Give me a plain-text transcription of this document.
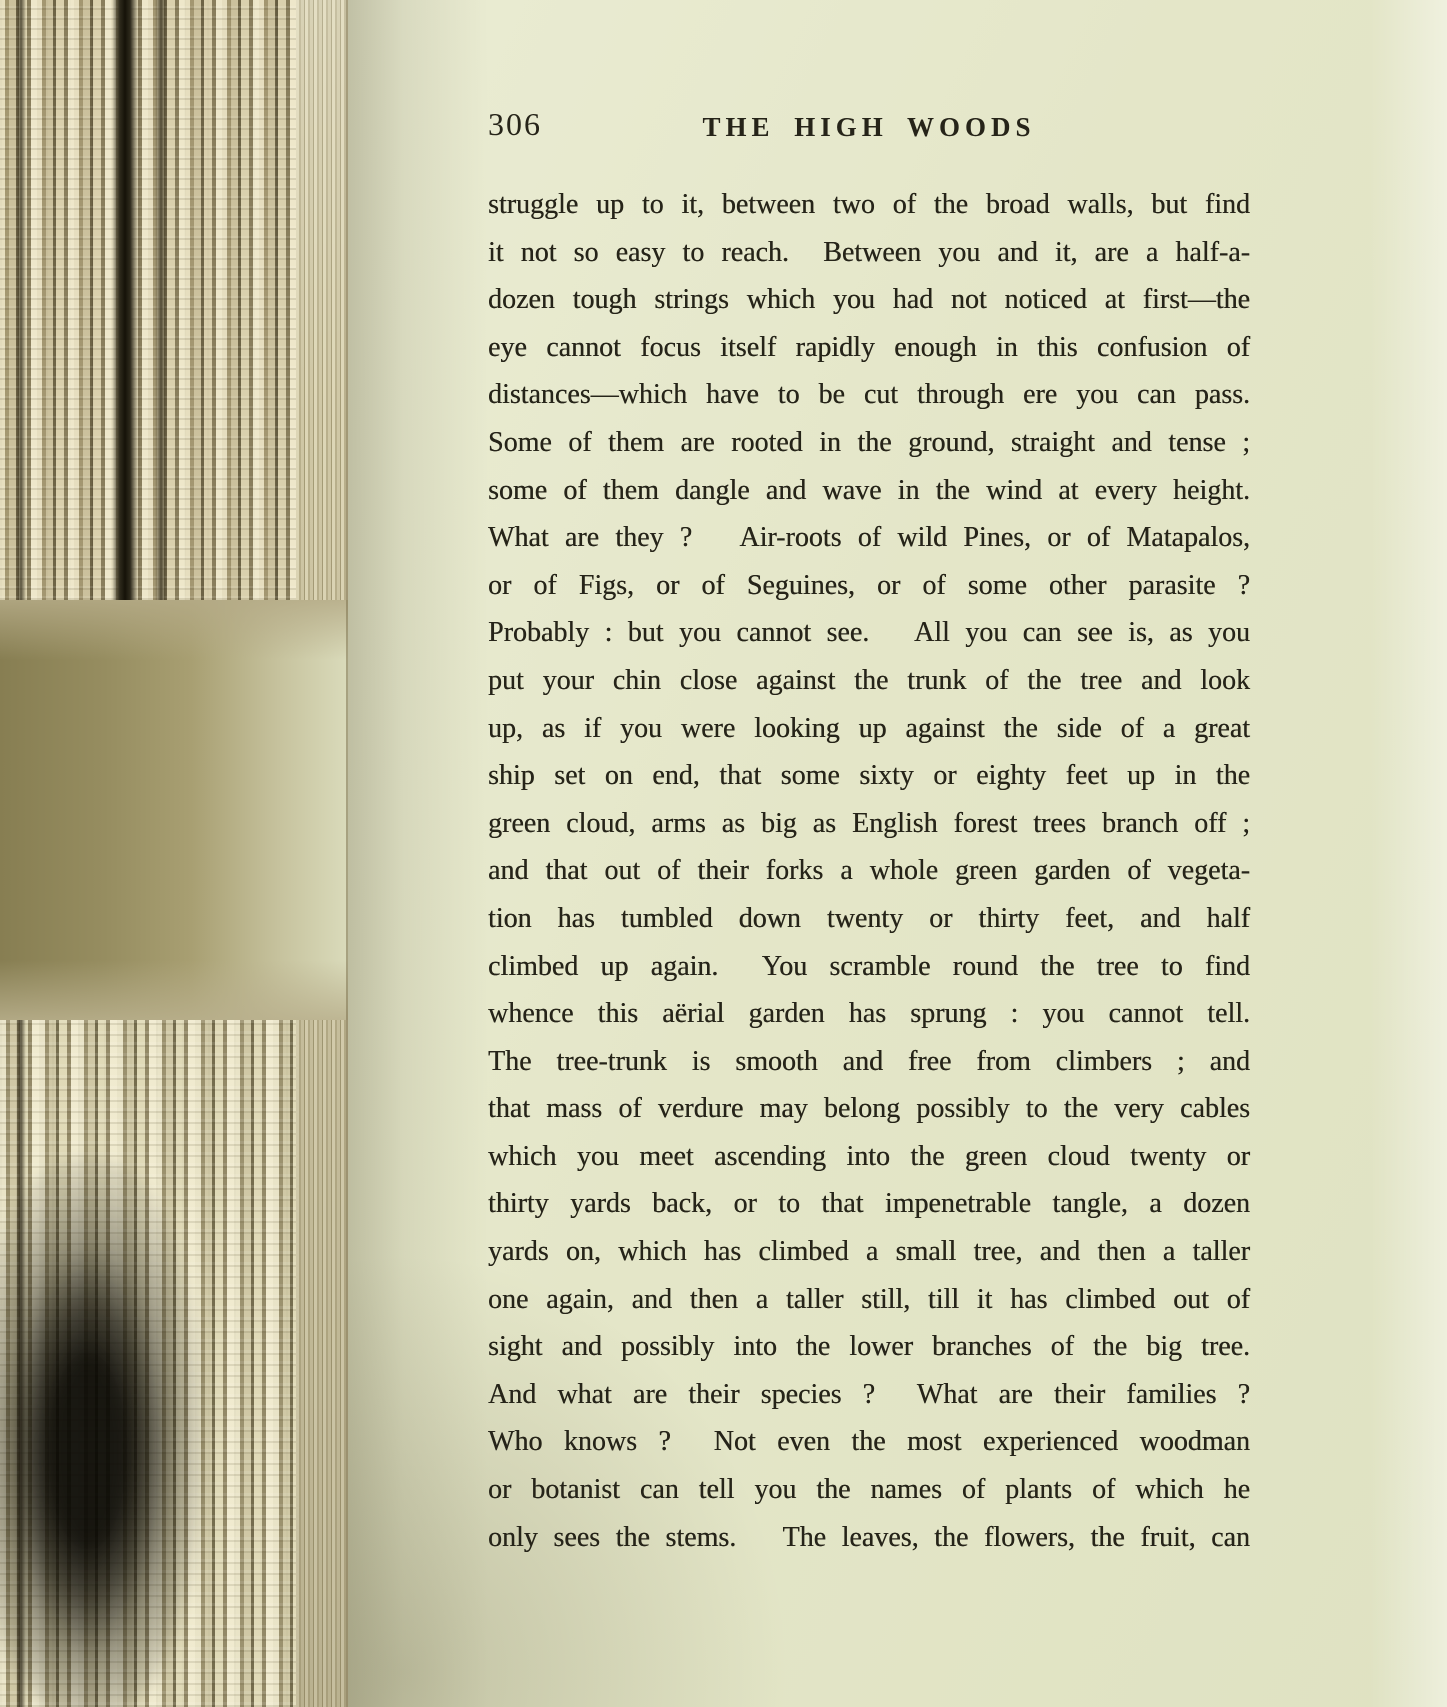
306	THE HIGH WOODS
struggle up to it, between two of the broad walls, but find
it not so easy to reach.  Between you and it, are a half-a-
dozen tough strings which you had not noticed at first—the
eye cannot focus itself rapidly enough in this confusion of
distances—which have to be cut through ere you can pass.
Some of them are rooted in the ground, straight and tense ;
some of them dangle and wave in the wind at every height.
What are they ?   Air-roots of wild Pines, or of Matapalos,
or of Figs, or of Seguines, or of some other parasite ?
Probably : but you cannot see.   All you can see is, as you
put your chin close against the trunk of the tree and look
up, as if you were looking up against the side of a great
ship set on end, that some sixty or eighty feet up in the
green cloud, arms as big as English forest trees branch off ;
and that out of their forks a whole green garden of vegeta-
tion has tumbled down twenty or thirty feet, and half
climbed up again.  You scramble round the tree to find
whence this aërial garden has sprung : you cannot tell.
The tree-trunk is smooth and free from climbers ; and
that mass of verdure may belong possibly to the very cables
which you meet ascending into the green cloud twenty or
thirty yards back, or to that impenetrable tangle, a dozen
yards on, which has climbed a small tree, and then a taller
one again, and then a taller still, till it has climbed out of
sight and possibly into the lower branches of the big tree.
And what are their species ?  What are their families ?
Who knows ?  Not even the most experienced woodman
or botanist can tell you the names of plants of which he
only sees the stems.   The leaves, the flowers, the fruit, can
